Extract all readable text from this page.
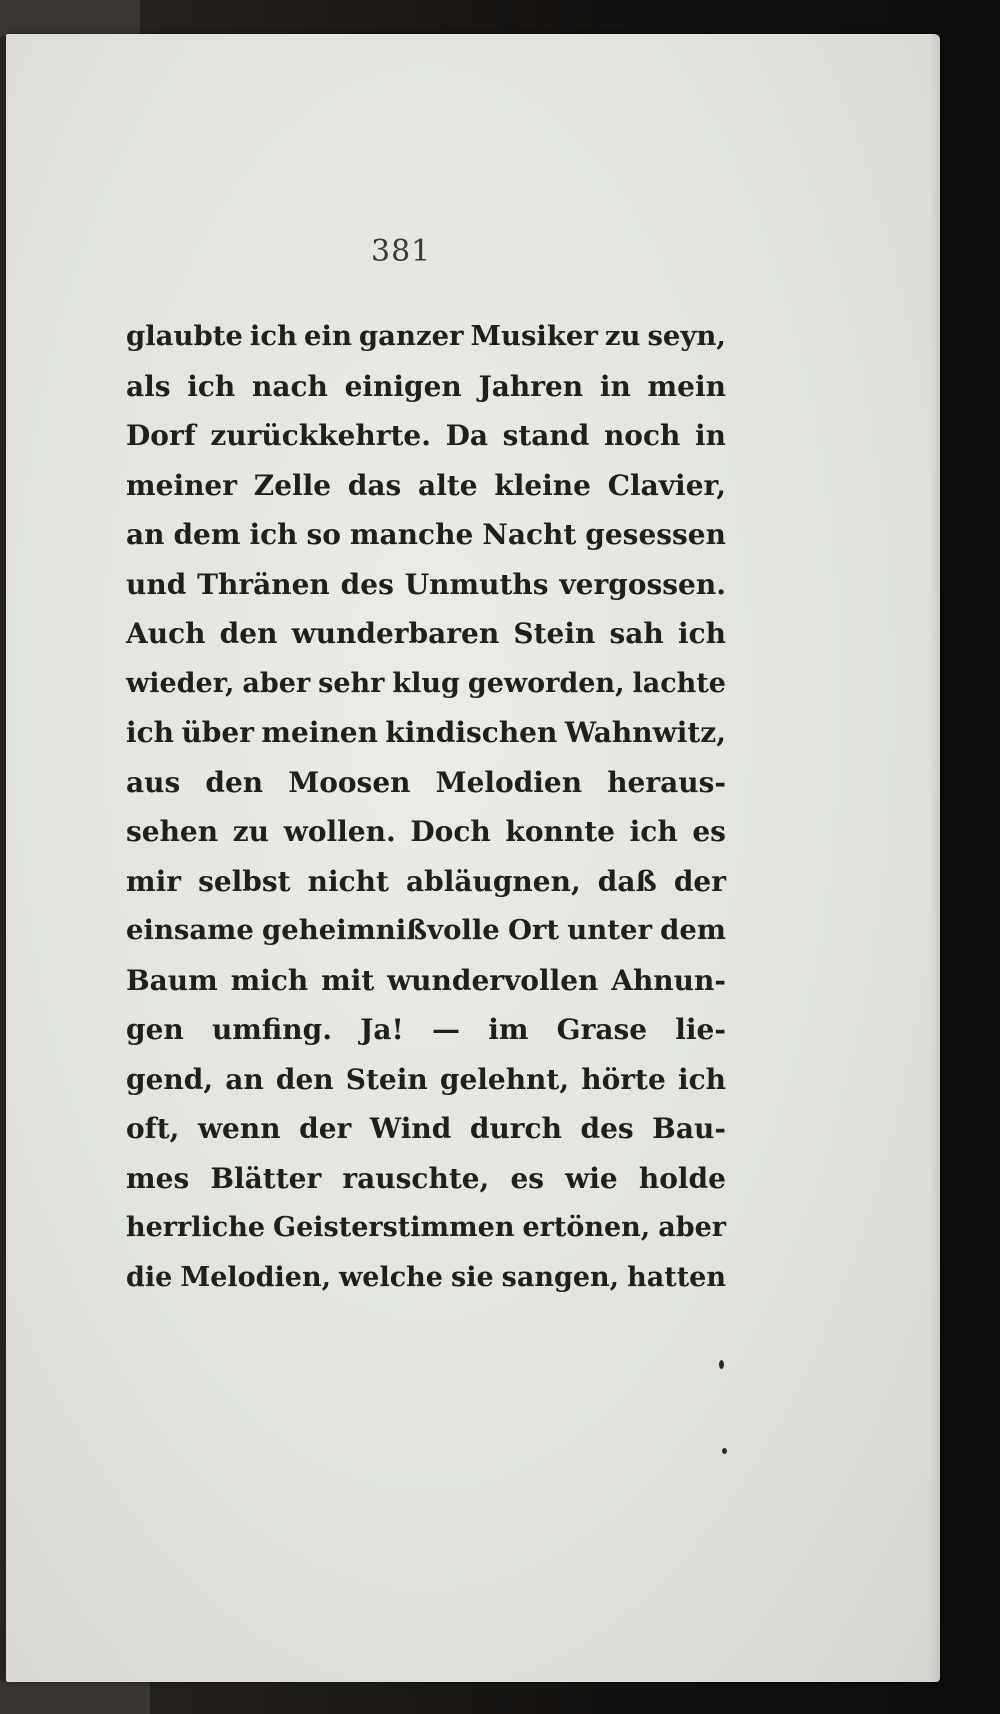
381
glaubte ich ein ganzer Musiker zu seyn,
als ich nach einigen Jahren in mein
Dorf zurückkehrte. Da stand noch in
meiner Zelle das alte kleine Clavier,
an dem ich so manche Nacht gesessen
und Thränen des Unmuths vergossen.
Auch den wunderbaren Stein sah ich
wieder, aber sehr klug geworden, lachte
ich über meinen kindischen Wahnwitz,
aus den Moosen Melodien heraus-
sehen zu wollen. Doch konnte ich es
mir selbst nicht abläugnen, daß der
einsame geheimnißvolle Ort unter dem
Baum mich mit wundervollen Ahnun-
gen umfing. Ja! — im Grase lie-
gend, an den Stein gelehnt, hörte ich
oft, wenn der Wind durch des Bau-
mes Blätter rauschte, es wie holde
herrliche Geisterstimmen ertönen, aber
die Melodien, welche sie sangen, hatten
